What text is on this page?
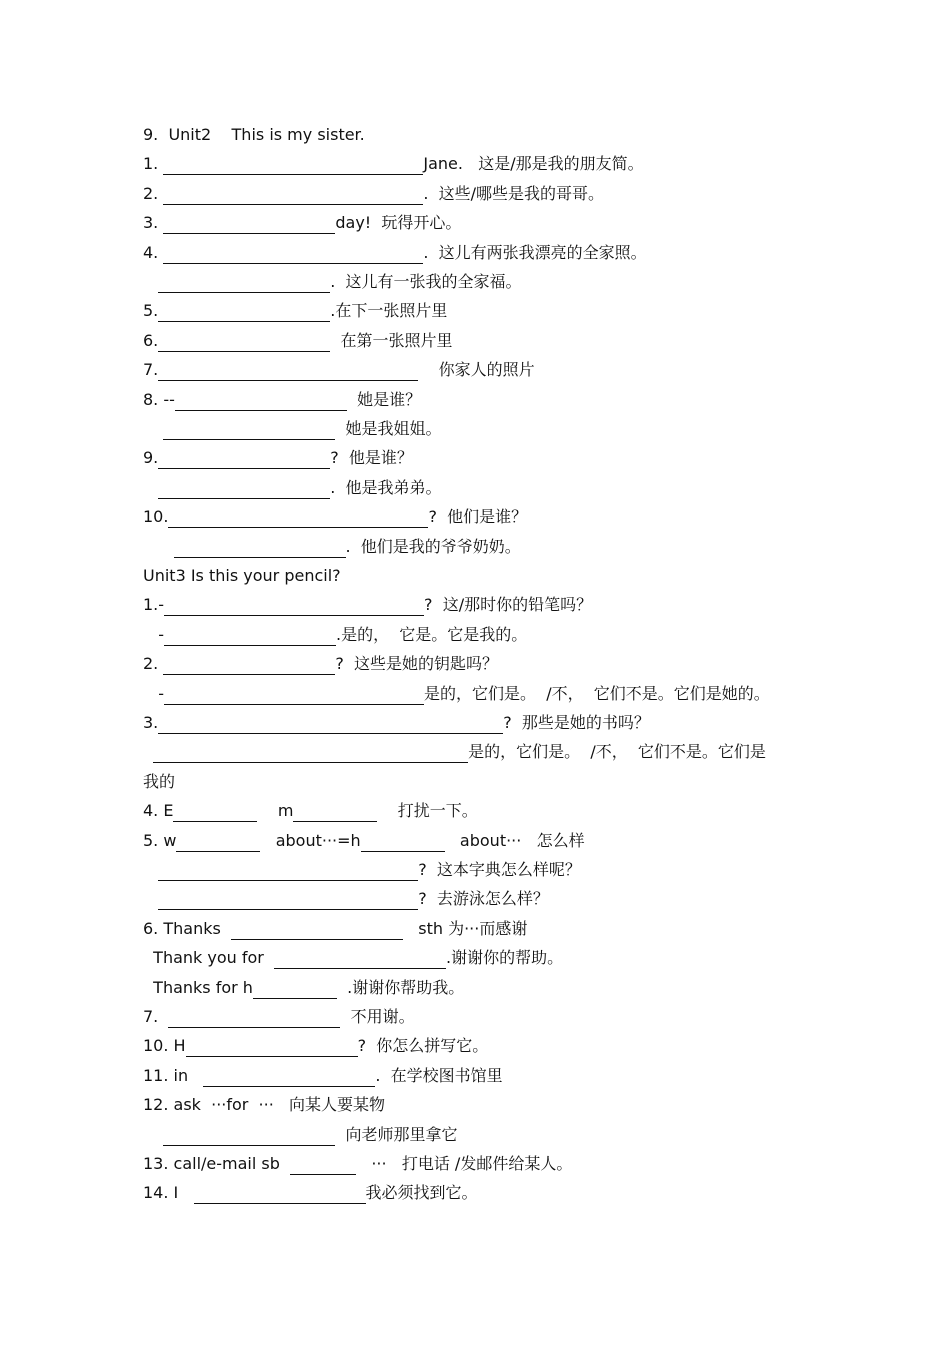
9.  Unit2    This is my sister.
1.	Jane.   这是/那是我的朋友简。
2.	.  这些/哪些是我的哥哥。
3.	day!  玩得开心。
4.	.  这儿有两张我漂亮的全家照。
.  这儿有一张我的全家福。
5.	.在下一张照片里
6.	在第一张照片里
7.	你家人的照片
8. --	她是谁？
她是我姐姐。
9.	?  他是谁？
.  他是我弟弟。
10.	?  他们是谁？
.  他们是我的爷爷奶奶。
Unit3 Is this your pencil?
1.-	?  这/那时你的铅笔吗？
-	.是的，  它是。它是我的。
2.	?  这些是她的钥匙吗？
-	是的，它们是。  /不，  它们不是。它们是她的。
3.	?  那些是她的书吗？
是的，它们是。  /不，  它们不是。它们是
我的
4. E	m	打扰一下。
5. w	about···=h	about···   怎么样
?  这本字典怎么样呢？
?  去游泳怎么样？
6. Thanks	sth 为···而感谢
Thank you for	.谢谢你的帮助。
Thanks for h	.谢谢你帮助我。
7.	不用谢。
10. H	?  你怎么拼写它。
11. in	.  在学校图书馆里
12. ask  ···for  ···   向某人要某物
向老师那里拿它
13. call/e-mail sb	···   打电话 /发邮件给某人。
14. I	我必须找到它。
